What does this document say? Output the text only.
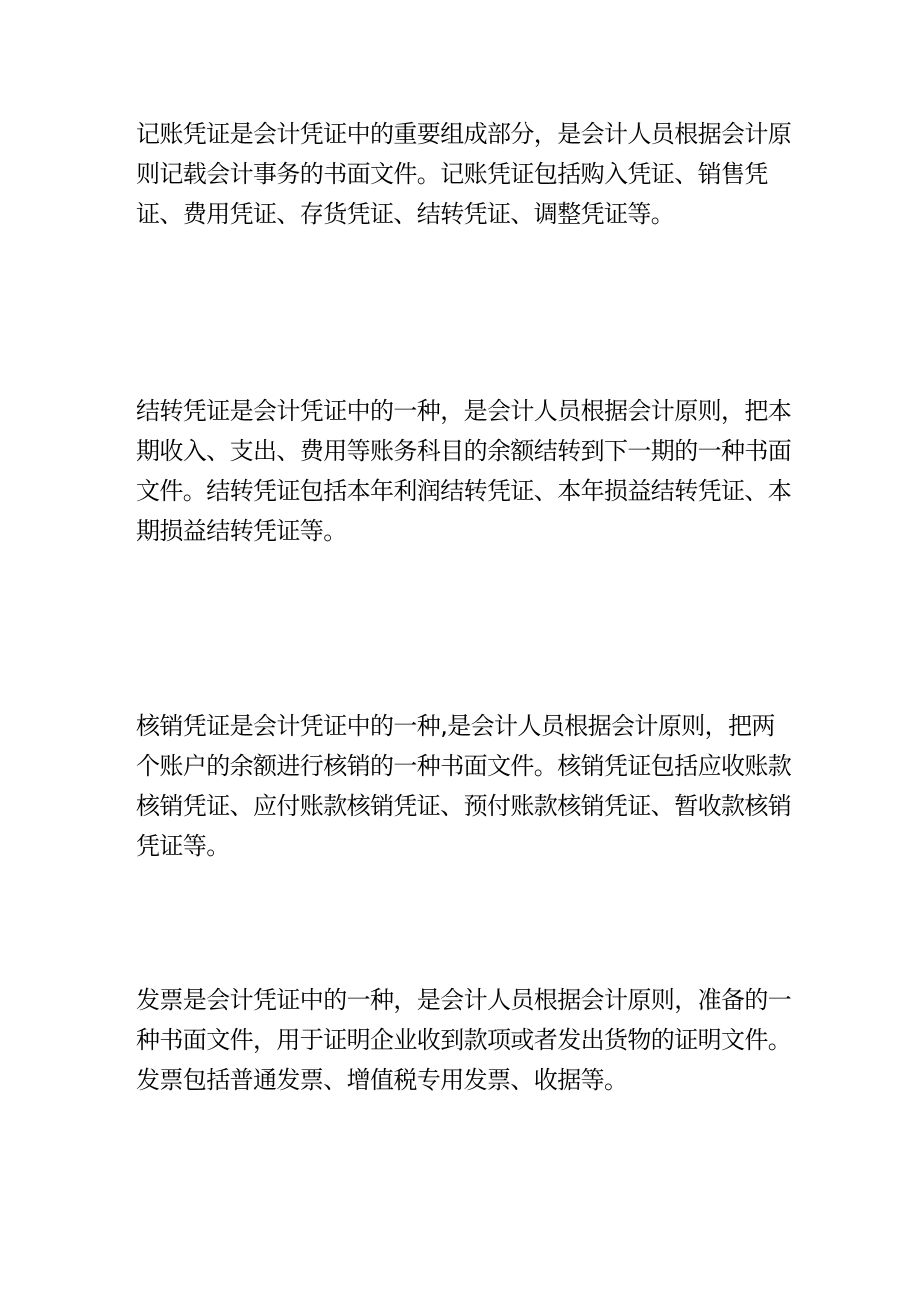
记账凭证是会计凭证中的重要组成部分，是会计人员根据会计原则记载会计事务的书面文件。记账凭证包括购入凭证、销售凭证、费用凭证、存货凭证、结转凭证、调整凭证等。

结转凭证是会计凭证中的一种，是会计人员根据会计原则，把本期收入、支出、费用等账务科目的余额结转到下一期的一种书面文件。结转凭证包括本年利润结转凭证、本年损益结转凭证、本期损益结转凭证等。

核销凭证是会计凭证中的一种,是会计人员根据会计原则，把两个账户的余额进行核销的一种书面文件。核销凭证包括应收账款核销凭证、应付账款核销凭证、预付账款核销凭证、暂收款核销凭证等。

发票是会计凭证中的一种，是会计人员根据会计原则，准备的一种书面文件，用于证明企业收到款项或者发出货物的证明文件。发票包括普通发票、增值税专用发票、收据等。
